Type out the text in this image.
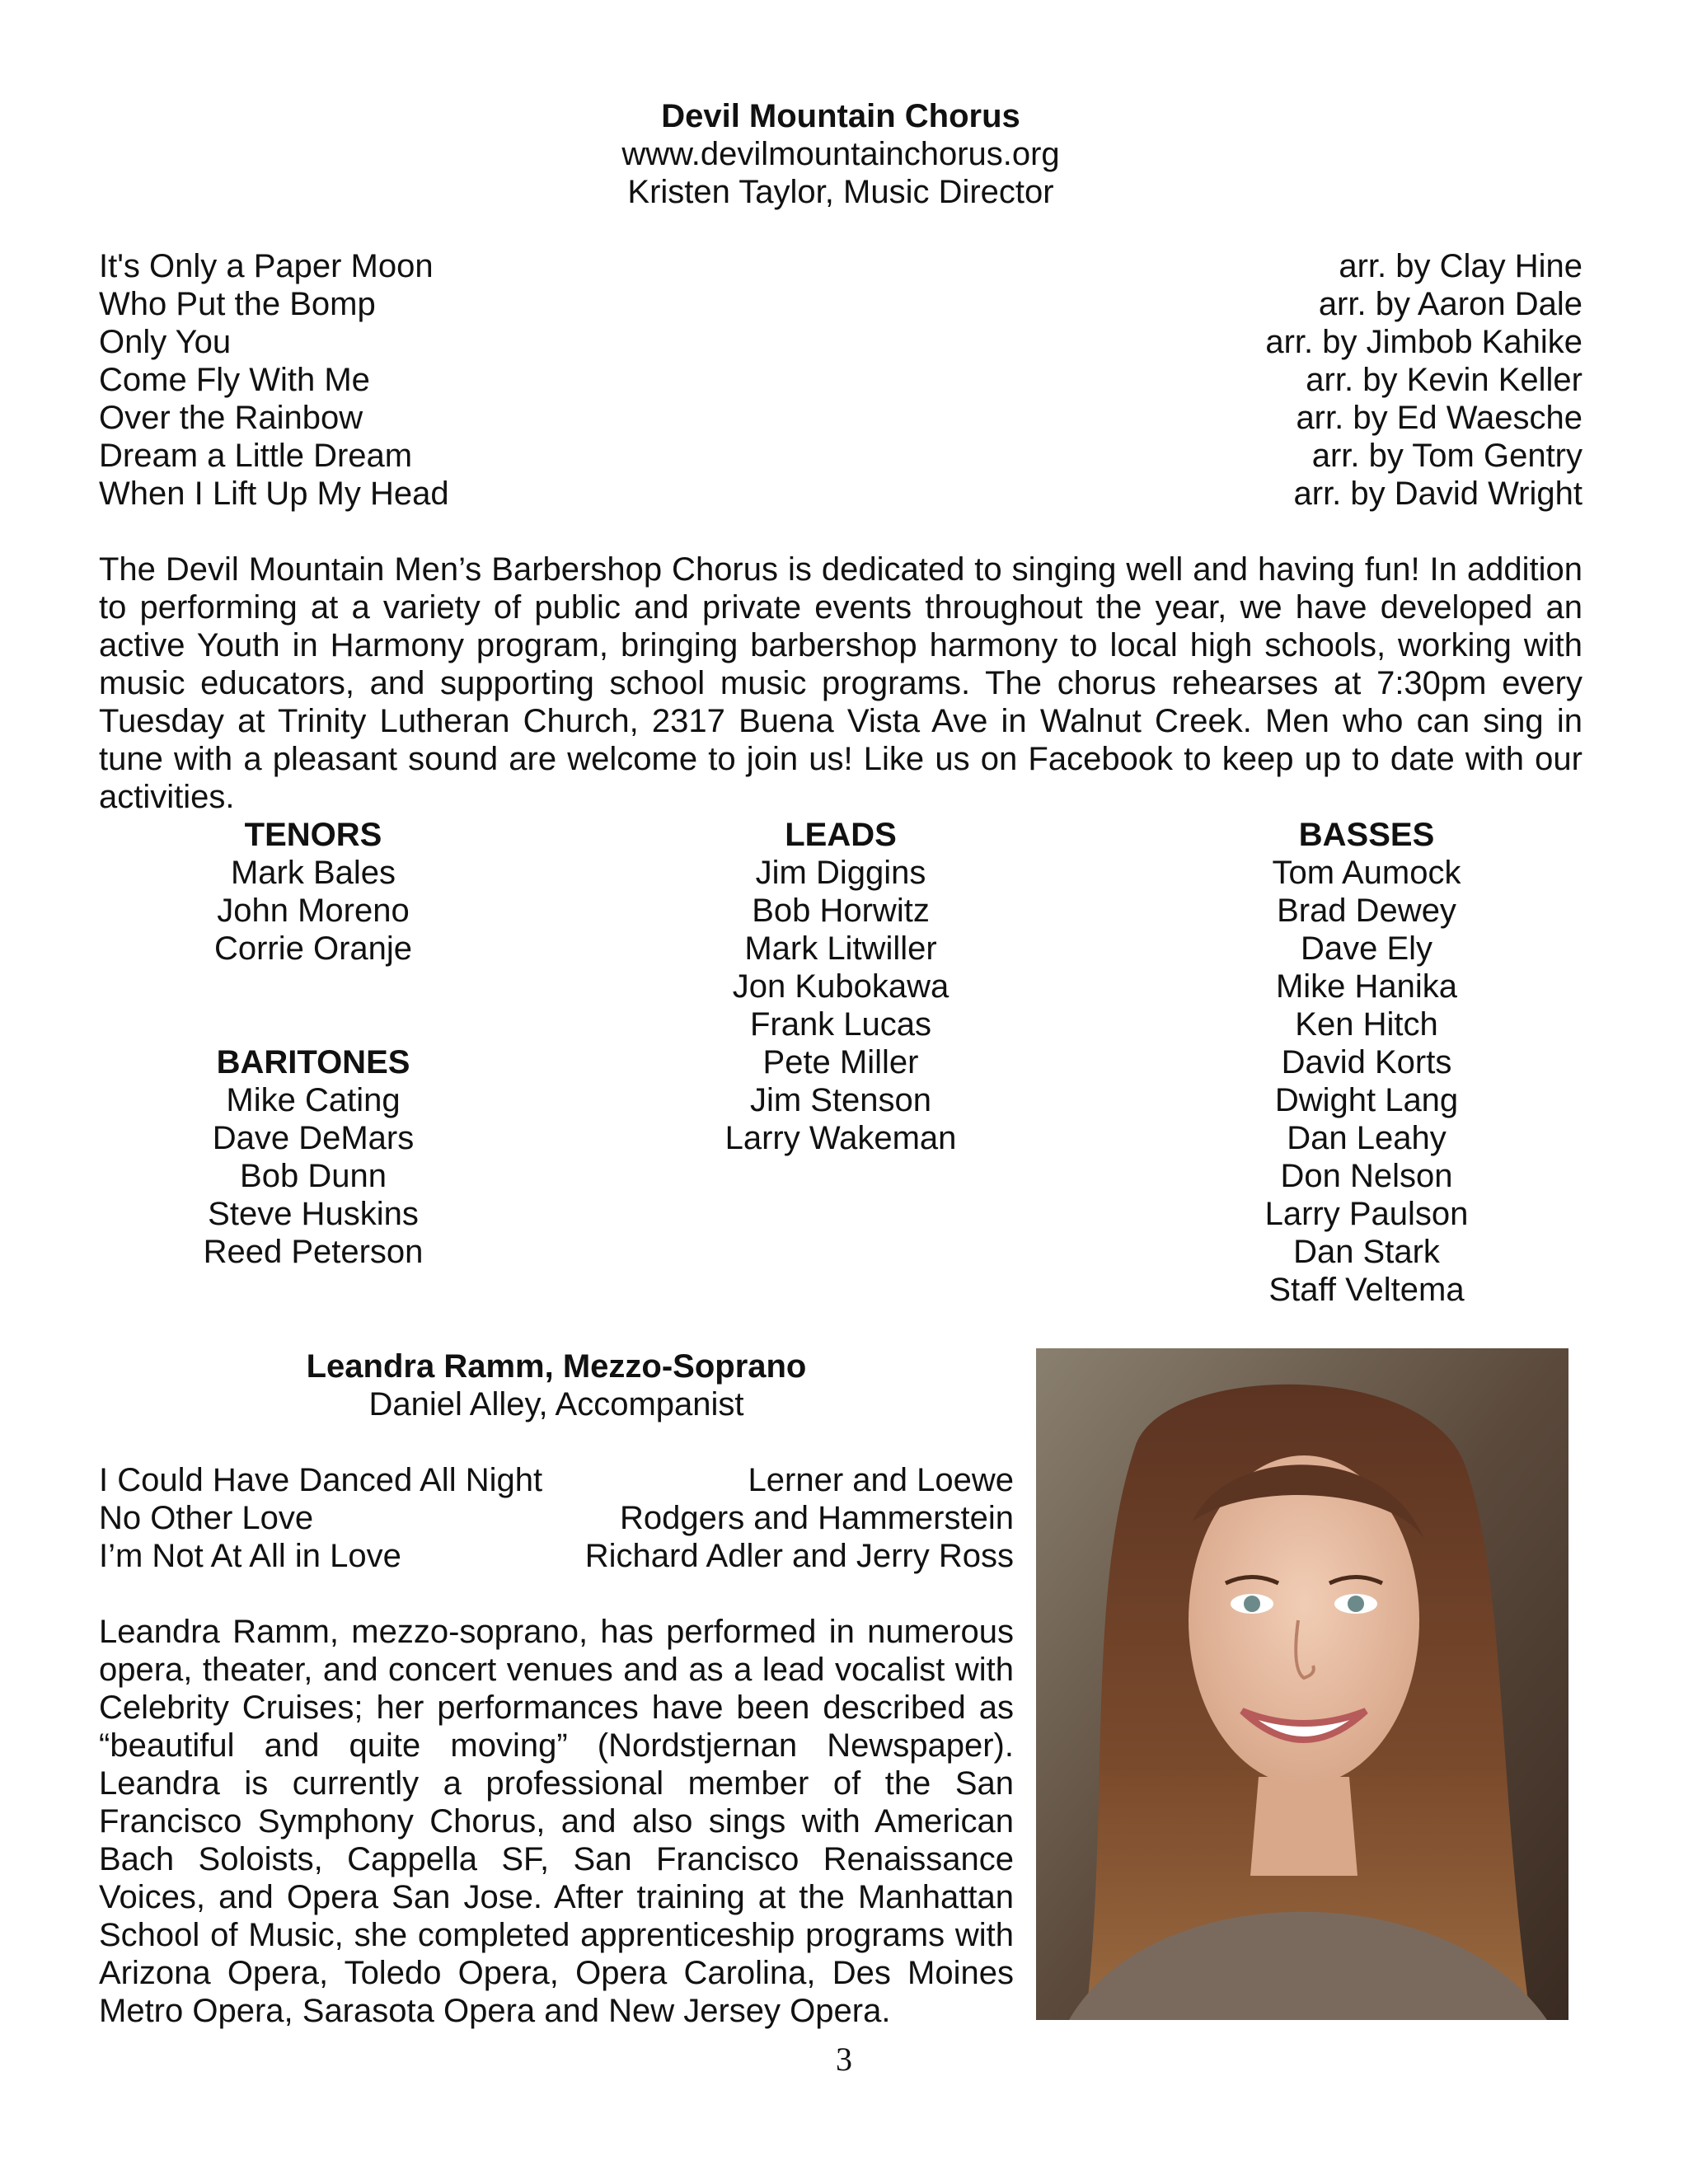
Devil Mountain Chorus
www.devilmountainchorus.org
Kristen Taylor, Music Director
It's Only a Paper Moon	arr. by Clay Hine
Who Put the Bomp	arr. by Aaron Dale
Only You	arr. by Jimbob Kahike
Come Fly With Me	arr. by Kevin Keller
Over the Rainbow	arr. by Ed Waesche
Dream a Little Dream	arr. by Tom Gentry
When I Lift Up My Head	arr. by David Wright
The Devil Mountain Men’s Barbershop Chorus is dedicated to singing well and having fun! In addition to performing at a variety of public and private events throughout the year, we have developed an active Youth in Harmony program, bringing barbershop harmony to local high schools, working with music educators, and supporting school music programs. The chorus rehearses at 7:30pm every Tuesday at Trinity Lutheran Church, 2317 Buena Vista Ave in Walnut Creek. Men who can sing in tune with a pleasant sound are welcome to join us! Like us on Facebook to keep up to date with our activities.
TENORS
Mark Bales
John Moreno
Corrie Oranje
BARITONES
Mike Cating
Dave DeMars
Bob Dunn
Steve Huskins
Reed Peterson
LEADS
Jim Diggins
Bob Horwitz
Mark Litwiller
Jon Kubokawa
Frank Lucas
Pete Miller
Jim Stenson
Larry Wakeman
BASSES
Tom Aumock
Brad Dewey
Dave Ely
Mike Hanika
Ken Hitch
David Korts
Dwight Lang
Dan Leahy
Don Nelson
Larry Paulson
Dan Stark
Staff Veltema
Leandra Ramm, Mezzo-Soprano
Daniel Alley, Accompanist
I Could Have Danced All Night	Lerner and Loewe
No Other Love	Rodgers and Hammerstein
I’m Not At All in Love	Richard Adler and Jerry Ross
Leandra Ramm, mezzo-soprano, has performed in numerous opera, theater, and concert venues and as a lead vocalist with Celebrity Cruises; her performances have been described as “beautiful and quite moving” (Nordstjernan Newspaper). Leandra is currently a professional member of the San Francisco Symphony Chorus, and also sings with American Bach Soloists, Cappella SF, San Francisco Renaissance Voices, and Opera San Jose. After training at the Manhattan School of Music, she completed apprenticeship programs with Arizona Opera, Toledo Opera, Opera Carolina, Des Moines Metro Opera, Sarasota Opera and New Jersey Opera.
3
